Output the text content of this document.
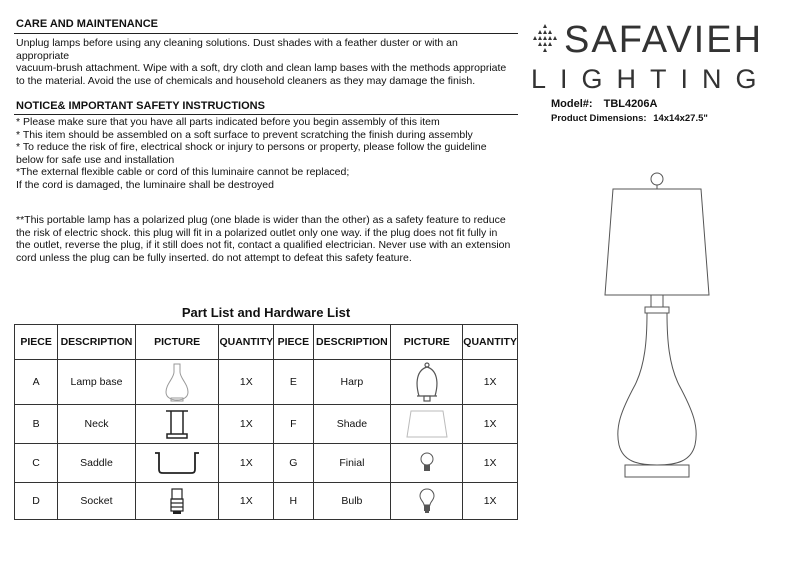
CARE AND MAINTENANCE
Unplug lamps before using any cleaning solutions. Dust shades with a feather duster or with an
appropriate
vacuum-brush attachment. Wipe with a soft, dry cloth and clean lamp bases with the methods appropriate
to the material. Avoid the use of chemicals and household cleaners as they may damage the finish.
NOTICE& IMPORTANT SAFETY INSTRUCTIONS
* Please make sure that you have all parts indicated before you begin assembly of this item
* This item should be assembled on a soft surface to prevent scratching the finish during assembly
* To reduce the risk of fire, electrical shock or injury to persons or property, please follow the guideline
below for safe use and installation
*The external flexible cable or cord of this luminaire cannot be replaced;
If the cord is damaged, the luminaire shall be destroyed
**This portable lamp has a polarized plug (one blade is wider than the other) as a safety feature to reduce
the risk of electric shock. this plug will fit in a polarized outlet only one way. if the plug does not fit fully in
the outlet, reverse the plug, if it still does not fit, contact a qualified electrician. Never use with an extension
cord unless the plug can be fully inserted. do not attempt to defeat this safety feature.
SAFAVIEH
LIGHTING
Model#: TBL4206A
Product Dimensions: 14x14x27.5"
Part List and Hardware List
PIECE	DESCRIPTION	PICTURE	QUANTITY	PIECE	DESCRIPTION	PICTURE	QUANTITY
A	Lamp base		1X	E	Harp		1X
B	Neck		1X	F	Shade		1X
C	Saddle		1X	G	Finial		1X
D	Socket		1X	H	Bulb		1X
